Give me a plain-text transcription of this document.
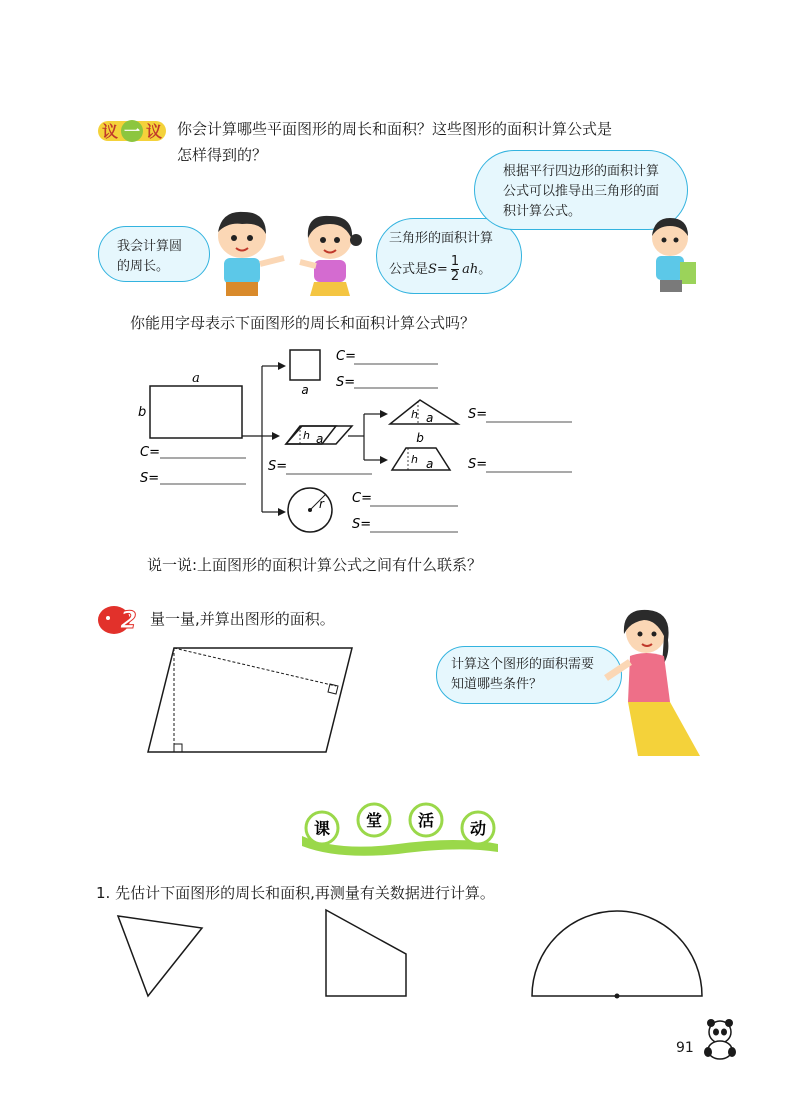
议 一 议 你会计算哪些平面图形的周长和面积？这些图形的面积计算公式是
怎样得到的？
我会计算圆的周长。
三角形的面积计算
公式是 $S= \frac{1}{2}$ ah 。
根据平行四边形的面积计算公式可以推导出三角形的面积计算公式。
你能用字母表示下面图形的周长和面积计算公式吗？
a
b
C=
S=
a
C=
S=
h a
S=
h a	S=
b
h a	S=
r C=
S=
说一说:上面图形的面积计算公式之间有什么联系？
2 量一量,并算出图形的面积。
计算这个图形的面积需要知道哪些条件？
课 堂 活 动
1. 先估计下面图形的周长和面积,再测量有关数据进行计算。
91
